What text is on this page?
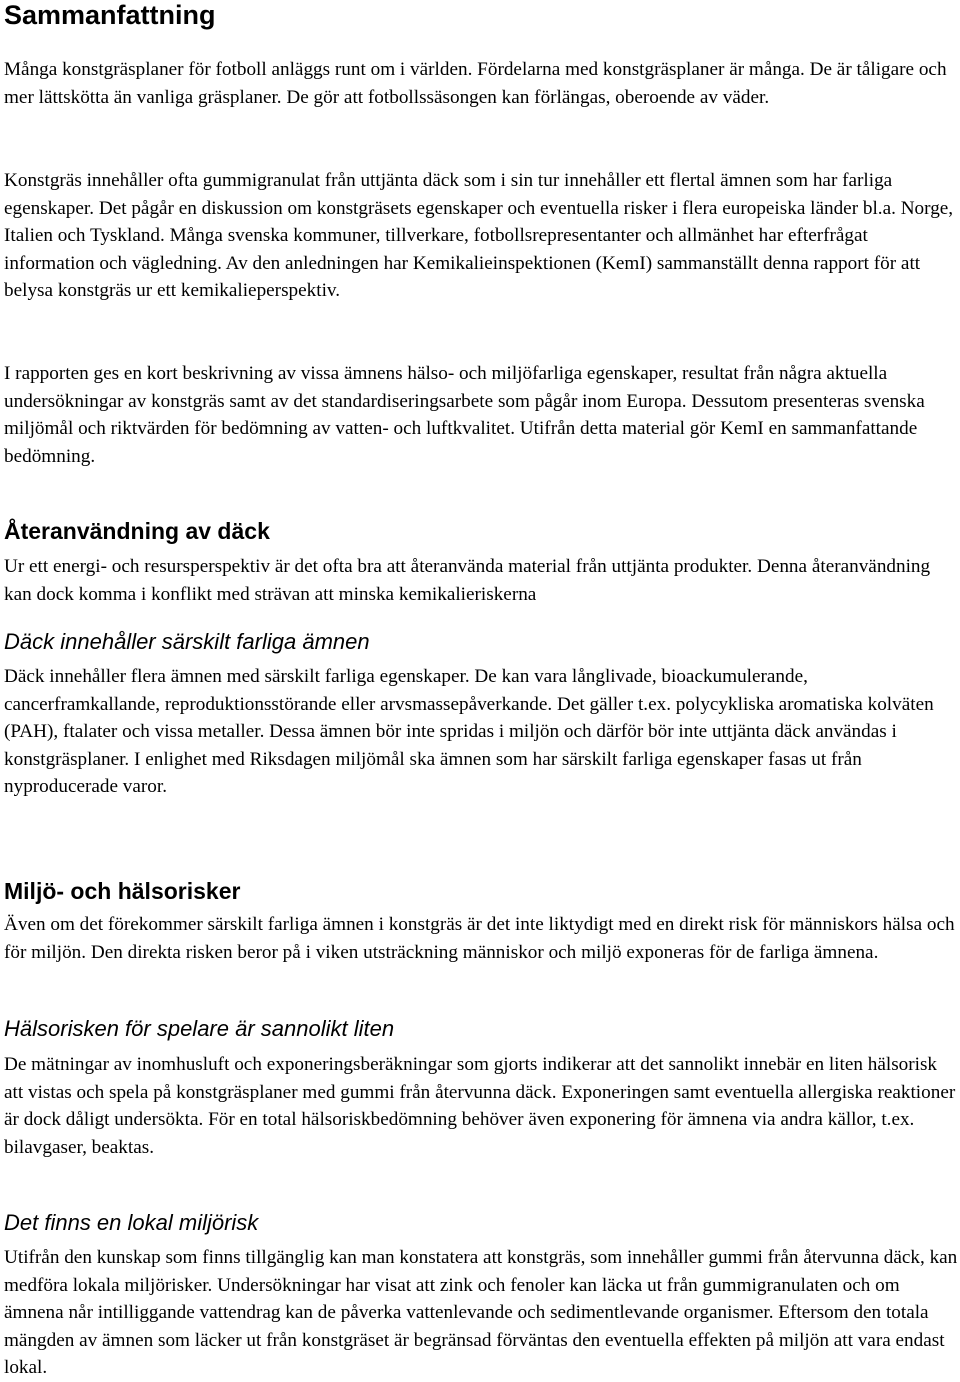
Sammanfattning

Många konstgräsplaner för fotboll anläggs runt om i världen. Fördelarna med konstgräsplaner är många. De är tåligare och mer lättskötta än vanliga gräsplaner. De gör att fotbollssäsongen kan förlängas, oberoende av väder.

Konstgräs innehåller ofta gummigranulat från uttjänta däck som i sin tur innehåller ett flertal ämnen som har farliga egenskaper. Det pågår en diskussion om konstgräsets egenskaper och eventuella risker i flera europeiska länder bl.a. Norge, Italien och Tyskland. Många svenska kommuner, tillverkare, fotbollsrepresentanter och allmänhet har efterfrågat information och vägledning. Av den anledningen har Kemikalieinspektionen (KemI) sammanställt denna rapport för att belysa konstgräs ur ett kemikalieperspektiv.

I rapporten ges en kort beskrivning av vissa ämnens hälso- och miljöfarliga egenskaper, resultat från några aktuella undersökningar av konstgräs samt av det standardiseringsarbete som pågår inom Europa. Dessutom presenteras svenska miljömål och riktvärden för bedömning av vatten- och luftkvalitet. Utifrån detta material gör KemI en sammanfattande bedömning.

Återanvändning av däck

Ur ett energi- och resursperspektiv är det ofta bra att återanvända material från uttjänta produkter. Denna återanvändning kan dock komma i konflikt med strävan att minska kemikalieriskerna

Däck innehåller särskilt farliga ämnen

Däck innehåller flera ämnen med särskilt farliga egenskaper. De kan vara långlivade, bioackumulerande, cancerframkallande, reproduktionsstörande eller arvsmassepåverkande. Det gäller t.ex. polycykliska aromatiska kolväten (PAH), ftalater och vissa metaller. Dessa ämnen bör inte spridas i miljön och därför bör inte uttjänta däck användas i konstgräsplaner. I enlighet med Riksdagen miljömål ska ämnen som har särskilt farliga egenskaper fasas ut från nyproducerade varor.

Miljö- och hälsorisker

Även om det förekommer särskilt farliga ämnen i konstgräs är det inte liktydigt med en direkt risk för människors hälsa och för miljön. Den direkta risken beror på i viken utsträckning människor och miljö exponeras för de farliga ämnena.

Hälsorisken för spelare är sannolikt liten

De mätningar av inomhusluft och exponeringsberäkningar som gjorts indikerar att det sannolikt innebär en liten hälsorisk att vistas och spela på konstgräsplaner med gummi från återvunna däck. Exponeringen samt eventuella allergiska reaktioner är dock dåligt undersökta. För en total hälsoriskbedömning behöver även exponering för ämnena via andra källor, t.ex. bilavgaser, beaktas.

Det finns en lokal miljörisk

Utifrån den kunskap som finns tillgänglig kan man konstatera att konstgräs, som innehåller gummi från återvunna däck, kan medföra lokala miljörisker. Undersökningar har visat att zink och fenoler kan läcka ut från gummigranulaten och om ämnena når intilliggande vattendrag kan de påverka vattenlevande och sedimentlevande organismer. Eftersom den totala mängden av ämnen som läcker ut från konstgräset är begränsad förväntas den eventuella effekten på miljön att vara endast lokal.
